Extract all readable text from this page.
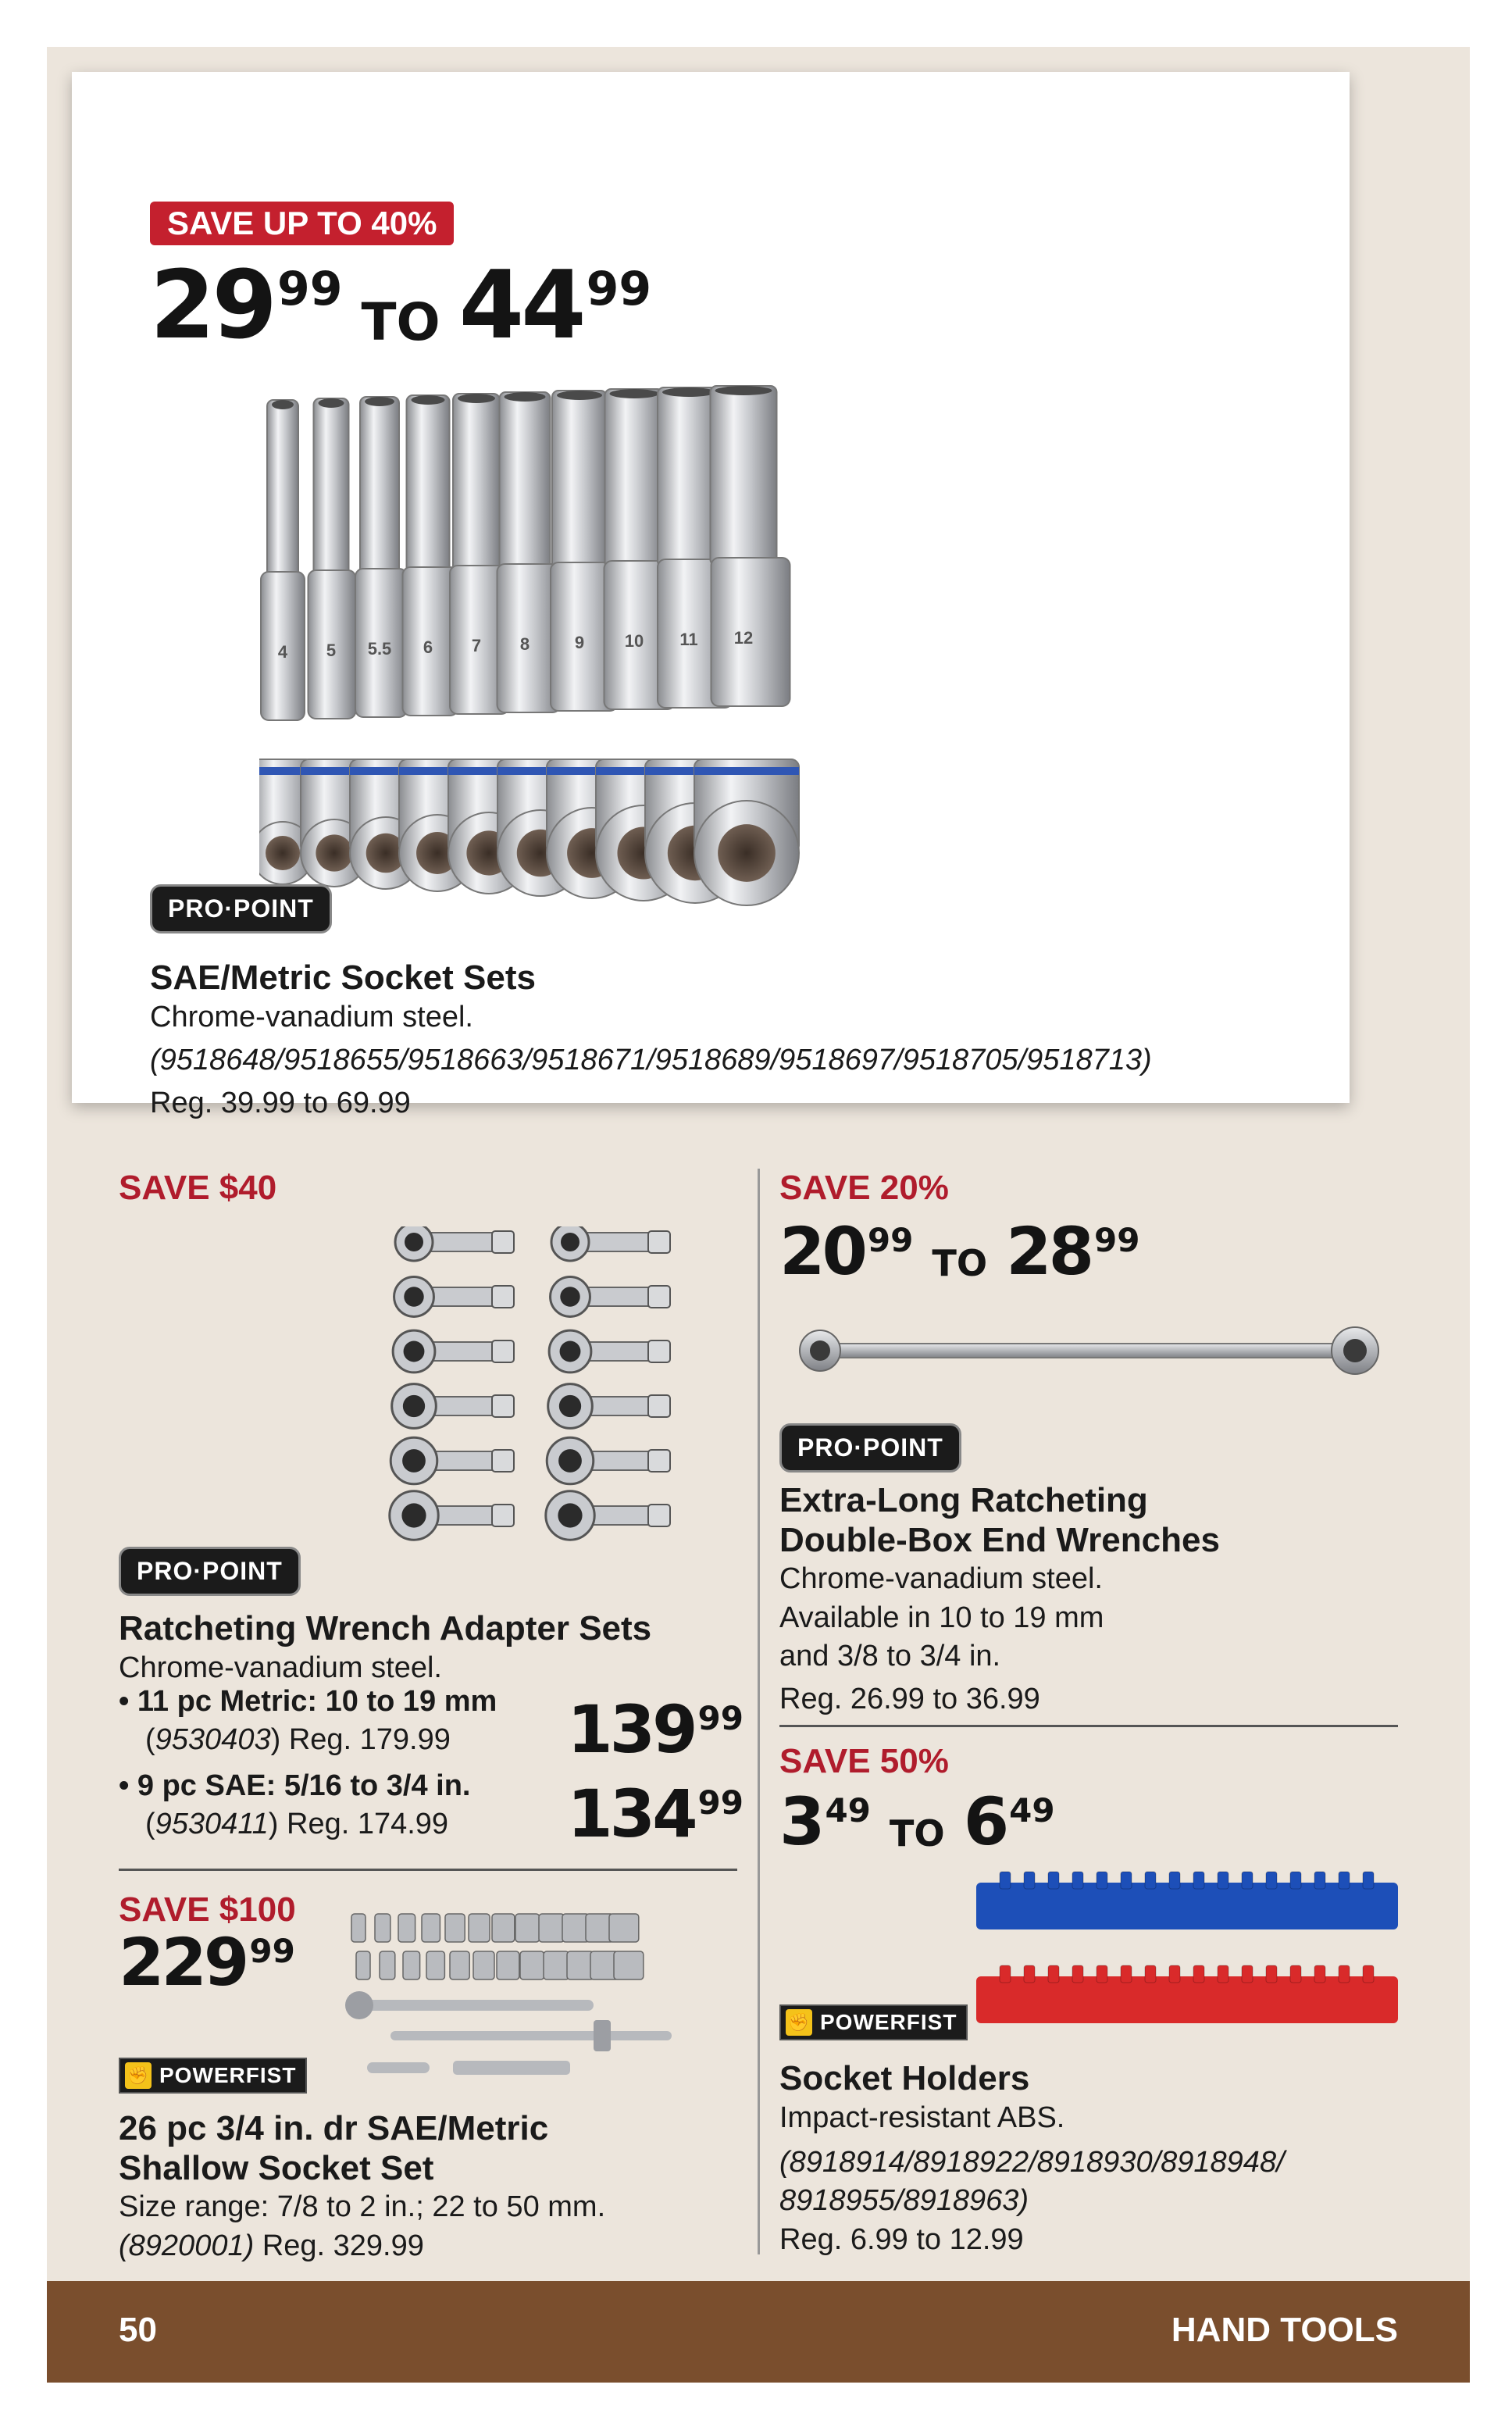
SAVE UP TO 40%
$29^{99}TO$ $44^{99}$
4 5 5.5 6 7 8	9 10 11 12
PRO·POINT
SAE/Metric Socket Sets
Chrome-vanadium steel.
(9518648/9518655/9518663/9518671/9518689/9518697/9518705/9518713)
Reg. 39.99 to 69.99
SAVE $40
PRO·POINT
Ratcheting Wrench Adapter Sets
Chrome-vanadium steel.
• 11 pc Metric: 10 to 19 mm
(9530403) Reg. 179.99	$139^{99}$
• 9 pc SAE: 5/16 to 3/4 in.
(9530411) Reg. 174.99	$134^{99}$
SAVE $100
$229^{99}$
✊ POWERFIST
26 pc 3/4 in. dr SAE/Metric
Shallow Socket Set
Size range: 7/8 to 2 in.; 22 to 50 mm.
(8920001) Reg. 329.99
SAVE 20%
$20^{99}TO$ $28^{99}$
PRO·POINT
Extra-Long Ratcheting
Double-Box End Wrenches
Chrome-vanadium steel.
Available in 10 to 19 mm
and 3/8 to 3/4 in.
Reg. 26.99 to 36.99
SAVE 50%
$3^{49}TO$ $6^{49}$
✊ POWERFIST
Socket Holders
Impact-resistant ABS.
(8918914/8918922/8918930/8918948/
8918955/8918963)
Reg. 6.99 to 12.99
50	HAND TOOLS
